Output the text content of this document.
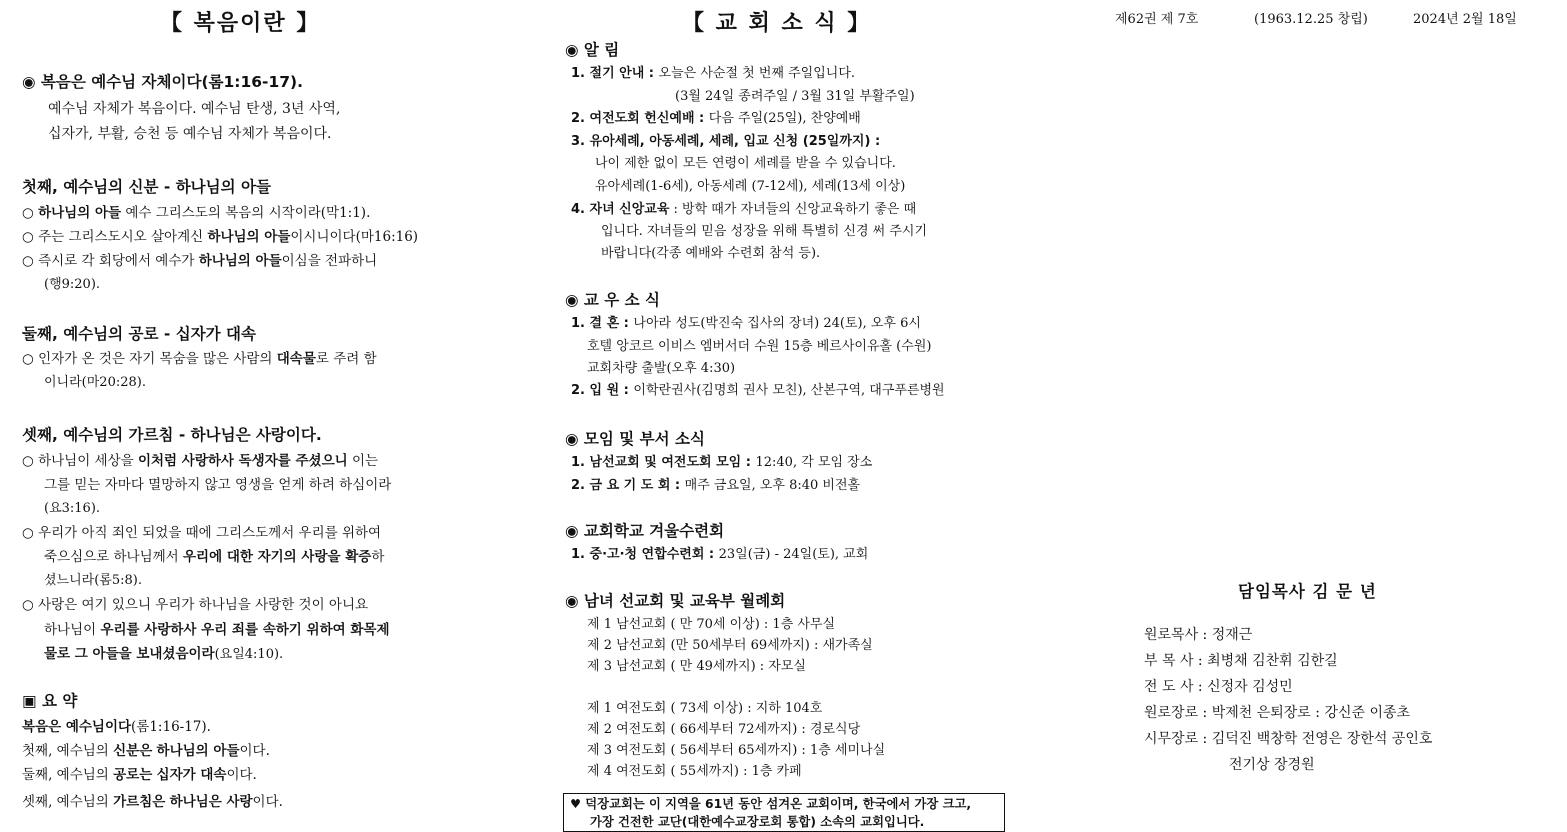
【 복음이란 】	【 교 회 소 식 】	제62권 제 7호	(1963.12.25 창립)	2024년 2월 18일
◉ 복음은 예수님 자체이다(롬1:16-17).
예수님 자체가 복음이다. 예수님 탄생, 3년 사역,
십자가, 부활, 승천 등 예수님 자체가 복음이다.
첫째, 예수님의 신분 - 하나님의 아들
○ 하나님의 아들 예수 그리스도의 복음의 시작이라(막1:1).
○ 주는 그리스도시오 살아계신 하나님의 아들이시니이다(마16:16)
○ 즉시로 각 회당에서 예수가 하나님의 아들이심을 전파하니
(행9:20).
둘째, 예수님의 공로 - 십자가 대속
○ 인자가 온 것은 자기 목숨을 많은 사람의 대속물로 주려 함
이니라(마20:28).
셋째, 예수님의 가르침 - 하나님은 사랑이다.
○ 하나님이 세상을 이처럼 사랑하사 독생자를 주셨으니 이는
그를 믿는 자마다 멸망하지 않고 영생을 얻게 하려 하심이라
(요3:16).
○ 우리가 아직 죄인 되었을 때에 그리스도께서 우리를 위하여
죽으심으로 하나님께서 우리에 대한 자기의 사랑을 확증하
셨느니라(롬5:8).
○ 사랑은 여기 있으니 우리가 하나님을 사랑한 것이 아니요
하나님이 우리를 사랑하사 우리 죄를 속하기 위하여 화목제
물로 그 아들을 보내셨음이라(요일4:10).
▣ 요 약
복음은 예수님이다(롬1:16-17).
첫째, 예수님의 신분은 하나님의 아들이다.
둘째, 예수님의 공로는 십자가 대속이다.
셋째, 예수님의 가르침은 하나님은 사랑이다.
◉ 알 림
1. 절기 안내 : 오늘은 사순절 첫 번째 주일입니다.
(3월 24일 종려주일 / 3월 31일 부활주일)
2. 여전도회 헌신예배 : 다음 주일(25일), 찬양예배
3. 유아세례, 아동세례, 세례, 입교 신청 (25일까지) :
나이 제한 없이 모든 연령이 세례를 받을 수 있습니다.
유아세례(1-6세), 아동세례 (7-12세), 세례(13세 이상)
4. 자녀 신앙교육 : 방학 때가 자녀들의 신앙교육하기 좋은 때
입니다. 자녀들의 믿음 성장을 위해 특별히 신경 써 주시기
바랍니다(각종 예배와 수련회 참석 등).
◉ 교 우 소 식
1. 결 혼 : 나아라 성도(박진숙 집사의 장녀) 24(토), 오후 6시
호텔 앙코르 이비스 엠버서더 수원 15층 베르사이유홀 (수원)
교회차량 출발(오후 4:30)
2. 입 원 : 이학란권사(김명희 권사 모친), 산본구역, 대구푸른병원
◉ 모임 및 부서 소식
1. 남선교회 및 여전도회 모임 : 12:40, 각 모임 장소
2. 금 요 기 도 회 : 매주 금요일, 오후 8:40 비전홀
◉ 교회학교 겨울수련회
1. 중·고·청 연합수련회 : 23일(금) - 24일(토), 교회
◉ 남녀 선교회 및 교육부 월례회
제 1 남선교회 ( 만 70세 이상) : 1층 사무실
제 2 남선교회 (만 50세부터 69세까지) : 새가족실
제 3 남선교회 ( 만 49세까지) : 자모실
제 1 여전도회 ( 73세 이상) : 지하 104호
제 2 여전도회 ( 66세부터 72세까지) : 경로식당
제 3 여전도회 ( 56세부터 65세까지) : 1층 세미나실
제 4 여전도회 ( 55세까지) : 1층 카페
♥ 덕장교회는 이 지역을 61년 동안 섬겨온 교회이며, 한국에서 가장 크고,
가장 건전한 교단(대한예수교장로회 통합) 소속의 교회입니다.
담임목사 김 문 년
원로목사 : 정재근
부 목 사 : 최병채 김찬휘 김한길
전 도 사 : 신정자 김성민
원로장로 : 박제천 은퇴장로 : 강신준 이종초
시무장로 : 김덕진 백창학 전영은 장한석 공인호
전기상 장경원
